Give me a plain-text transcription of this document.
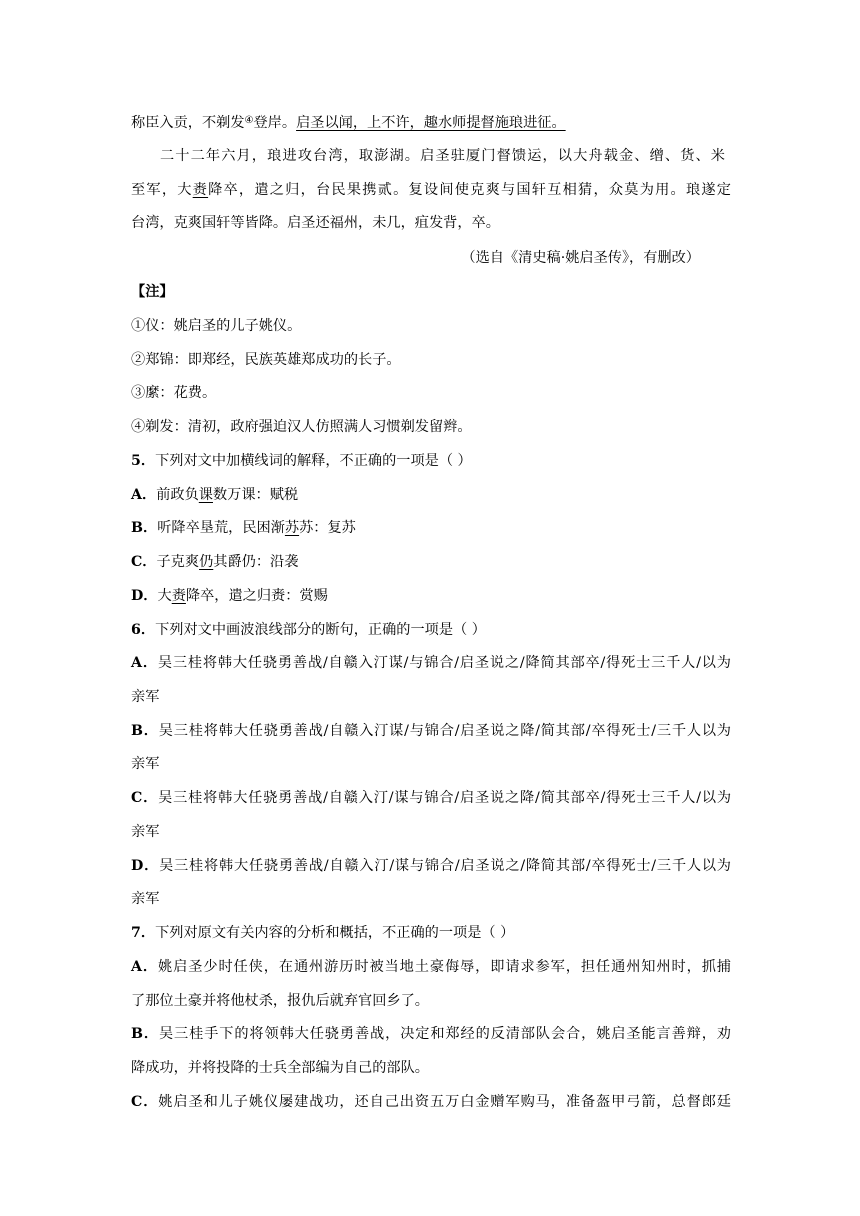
称臣入贡，不剃发④登岸。启圣以闻，上不许，趣水师提督施琅进征。
二十二年六月，琅进攻台湾，取澎湖。启圣驻厦门督馈运，以大舟载金、缯、货、米
至军，大赉降卒，遣之归，台民果携贰。复设间使克爽与国轩互相猜，众莫为用。琅遂定
台湾，克爽国轩等皆降。启圣还福州，未几，疽发背，卒。
（选自《清史稿·姚启圣传》，有删改）
【注】
①仪：姚启圣的儿子姚仪。
②郑锦：即郑经，民族英雄郑成功的长子。
③縻：花费。
④剃发：清初，政府强迫汉人仿照满人习惯剃发留辫。
5．下列对文中加横线词的解释，不正确的一项是（ ）
A．前政负课数万课：赋税
B．听降卒垦荒，民困渐苏苏：复苏
C．子克爽仍其爵仍：沿袭
D．大赉降卒，遣之归赉：赏赐
6．下列对文中画波浪线部分的断句，正确的一项是（ ）
A．吴三桂将韩大任骁勇善战/自赣入汀谋/与锦合/启圣说之/降简其部卒/得死士三千人/以为
亲军
B．吴三桂将韩大任骁勇善战/自赣入汀谋/与锦合/启圣说之降/简其部/卒得死士/三千人以为
亲军
C．吴三桂将韩大任骁勇善战/自赣入汀/谋与锦合/启圣说之降/简其部卒/得死士三千人/以为
亲军
D．吴三桂将韩大任骁勇善战/自赣入汀/谋与锦合/启圣说之/降简其部/卒得死士/三千人以为
亲军
7．下列对原文有关内容的分析和概括，不正确的一项是（ ）
A．姚启圣少时任侠，在通州游历时被当地土豪侮辱，即请求参军，担任通州知州时，抓捕
了那位土豪并将他杖杀，报仇后就弃官回乡了。
B．吴三桂手下的将领韩大任骁勇善战，决定和郑经的反清部队会合，姚启圣能言善辩，劝
降成功，并将投降的士兵全部编为自己的部队。
C．姚启圣和儿子姚仪屡建战功，还自己出资五万白金赠军购马，准备盔甲弓箭，总督郎廷
